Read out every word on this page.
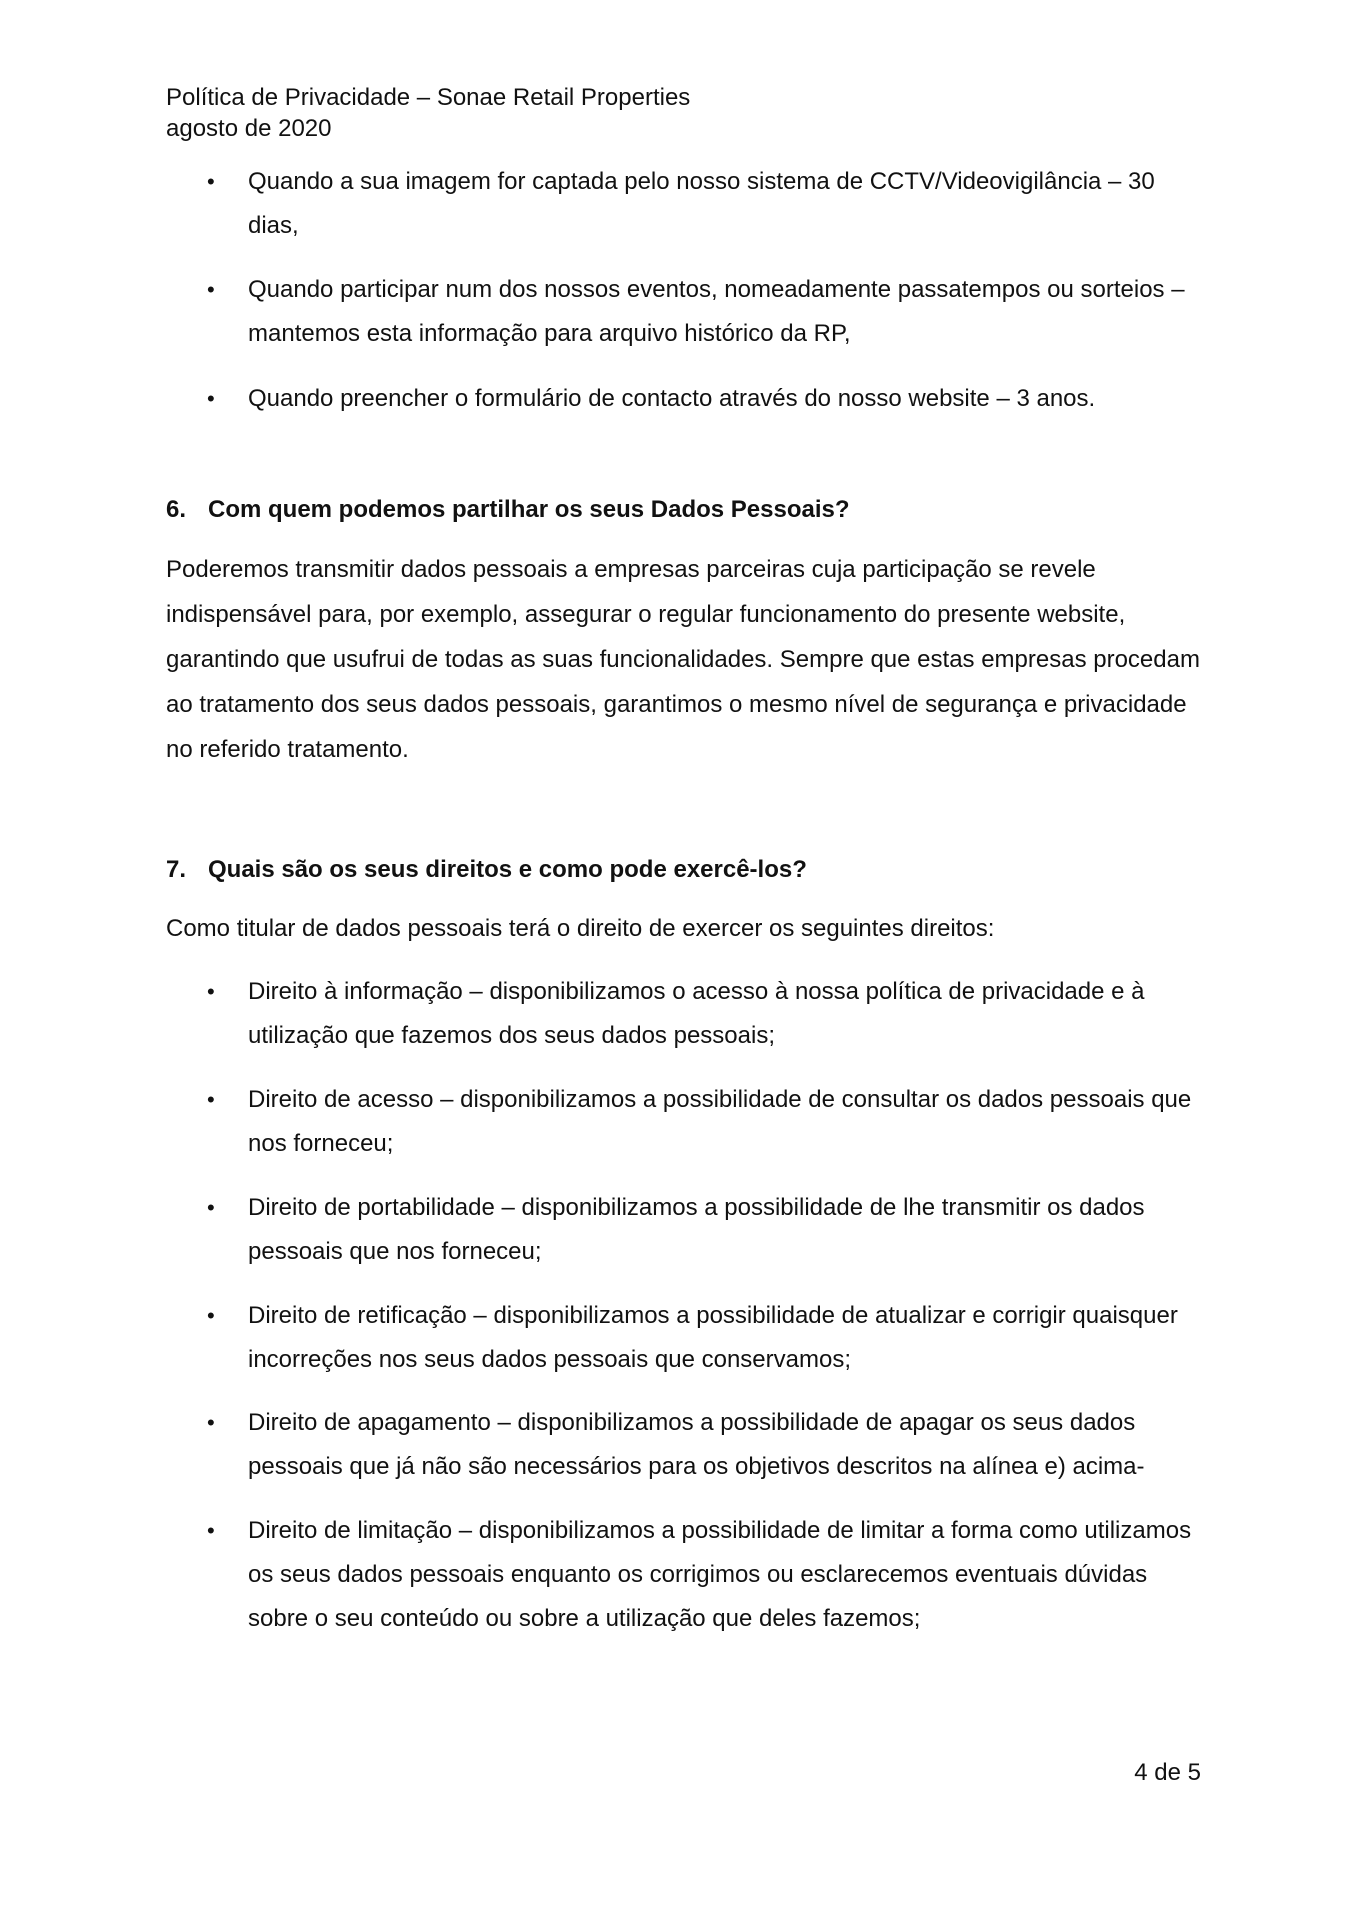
Política de Privacidade – Sonae Retail Properties
agosto de 2020
• Quando a sua imagem for captada pelo nosso sistema de CCTV/Videovigilância – 30 dias,
• Quando participar num dos nossos eventos, nomeadamente passatempos ou sorteios – mantemos esta informação para arquivo histórico da RP,
• Quando preencher o formulário de contacto através do nosso website – 3 anos.
6. Com quem podemos partilhar os seus Dados Pessoais?

Poderemos transmitir dados pessoais a empresas parceiras cuja participação se revele indispensável para, por exemplo, assegurar o regular funcionamento do presente website, garantindo que usufrui de todas as suas funcionalidades. Sempre que estas empresas procedam ao tratamento dos seus dados pessoais, garantimos o mesmo nível de segurança e privacidade no referido tratamento.

7. Quais são os seus direitos e como pode exercê-los?

Como titular de dados pessoais terá o direito de exercer os seguintes direitos:

• Direito à informação – disponibilizamos o acesso à nossa política de privacidade e à utilização que fazemos dos seus dados pessoais;
• Direito de acesso – disponibilizamos a possibilidade de consultar os dados pessoais que nos forneceu;
• Direito de portabilidade – disponibilizamos a possibilidade de lhe transmitir os dados pessoais que nos forneceu;
• Direito de retificação – disponibilizamos a possibilidade de atualizar e corrigir quaisquer incorreções nos seus dados pessoais que conservamos;
• Direito de apagamento – disponibilizamos a possibilidade de apagar os seus dados pessoais que já não são necessários para os objetivos descritos na alínea e) acima-
• Direito de limitação – disponibilizamos a possibilidade de limitar a forma como utilizamos os seus dados pessoais enquanto os corrigimos ou esclarecemos eventuais dúvidas sobre o seu conteúdo ou sobre a utilização que deles fazemos;
4 de 5
